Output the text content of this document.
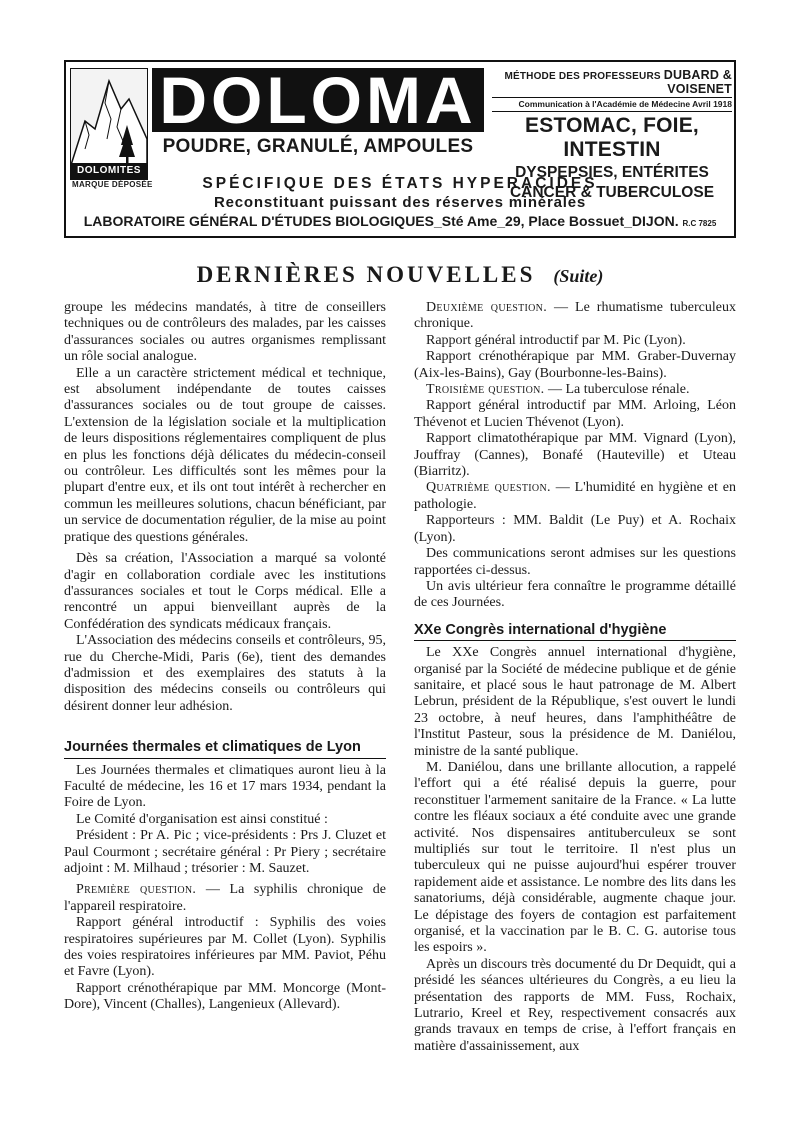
DOLOMITES
MARQUE DÉPOSÉE
DOLOMA
POUDRE, GRANULÉ, AMPOULES
MÉTHODE DES PROFESSEURS DUBARD & VOISENET
Communication à l'Académie de Médecine Avril 1918
ESTOMAC, FOIE, INTESTIN
DYSPEPSIES, ENTÉRITES
CANCER & TUBERCULOSE
SPÉCIFIQUE DES ÉTATS HYPERACIDES
Reconstituant puissant des réserves minérales
LABORATOIRE GÉNÉRAL D'ÉTUDES BIOLOGIQUES_Sté Ame_29, Place Bossuet_DIJON. R.C 7825
DERNIÈRES NOUVELLES (Suite)

groupe les médecins mandatés, à titre de conseillers techniques ou de contrôleurs des malades, par les caisses d'assurances sociales ou autres organismes remplissant un rôle social analogue.

Elle a un caractère strictement médical et technique, est absolument indépendante de toutes caisses d'assurances sociales ou de tout groupe de caisses. L'extension de la législation sociale et la multiplication de leurs dispositions réglementaires compliquent de plus en plus les fonctions déjà délicates du médecin-conseil ou contrôleur. Les difficultés sont les mêmes pour la plupart d'entre eux, et ils ont tout intérêt à rechercher en commun les meilleures solutions, chacun bénéficiant, par un service de documentation régulier, de la mise au point pratique des questions générales.

Dès sa création, l'Association a marqué sa volonté d'agir en collaboration cordiale avec les institutions d'assurances sociales et tout le Corps médical. Elle a rencontré un appui bienveillant auprès de la Confédération des syndicats médicaux français.

L'Association des médecins conseils et contrôleurs, 95, rue du Cherche-Midi, Paris (6e), tient des demandes d'admission et des exemplaires des statuts à la disposition des médecins conseils ou contrôleurs qui désirent donner leur adhésion.

Journées thermales et climatiques de Lyon

Les Journées thermales et climatiques auront lieu à la Faculté de médecine, les 16 et 17 mars 1934, pendant la Foire de Lyon.

Le Comité d'organisation est ainsi constitué :

Président : Pr A. Pic ; vice-présidents : Prs J. Cluzet et Paul Courmont ; secrétaire général : Pr Piery ; secrétaire adjoint : M. Milhaud ; trésorier : M. Sauzet.

Première question. — La syphilis chronique de l'appareil respiratoire.

Rapport général introductif : Syphilis des voies respiratoires supérieures par M. Collet (Lyon). Syphilis des voies respiratoires inférieures par MM. Paviot, Péhu et Favre (Lyon).

Rapport crénothérapique par MM. Moncorge (Mont-Dore), Vincent (Challes), Langenieux (Allevard).

Deuxième question. — Le rhumatisme tuberculeux chronique.

Rapport général introductif par M. Pic (Lyon).

Rapport crénothérapique par MM. Graber-Duvernay (Aix-les-Bains), Gay (Bourbonne-les-Bains).

Troisième question. — La tuberculose rénale.

Rapport général introductif par MM. Arloing, Léon Thévenot et Lucien Thévenot (Lyon).

Rapport climatothérapique par MM. Vignard (Lyon), Jouffray (Cannes), Bonafé (Hauteville) et Uteau (Biarritz).

Quatrième question. — L'humidité en hygiène et en pathologie.

Rapporteurs : MM. Baldit (Le Puy) et A. Rochaix (Lyon).

Des communications seront admises sur les questions rapportées ci-dessus.

Un avis ultérieur fera connaître le programme détaillé de ces Journées.

XXe Congrès international d'hygiène

Le XXe Congrès annuel international d'hygiène, organisé par la Société de médecine publique et de génie sanitaire, et placé sous le haut patronage de M. Albert Lebrun, président de la République, s'est ouvert le lundi 23 octobre, à neuf heures, dans l'amphithéâtre de l'Institut Pasteur, sous la présidence de M. Daniélou, ministre de la santé publique.

M. Daniélou, dans une brillante allocution, a rappelé l'effort qui a été réalisé depuis la guerre, pour reconstituer l'armement sanitaire de la France. « La lutte contre les fléaux sociaux a été conduite avec une grande activité. Nos dispensaires antituberculeux se sont multipliés sur tout le territoire. Il n'est plus un tuberculeux qui ne puisse aujourd'hui espérer trouver rapidement aide et assistance. Le nombre des lits dans les sanatoriums, déjà considérable, augmente chaque jour. Le dépistage des foyers de contagion est parfaitement organisé, et la vaccination par le B. C. G. autorise tous les espoirs ».

Après un discours très documenté du Dr Dequidt, qui a présidé les séances ultérieures du Congrès, a eu lieu la présentation des rapports de MM. Fuss, Rochaix, Lutrario, Kreel et Rey, respectivement consacrés aux grands travaux en temps de crise, à l'effort français en matière d'assainissement, aux
